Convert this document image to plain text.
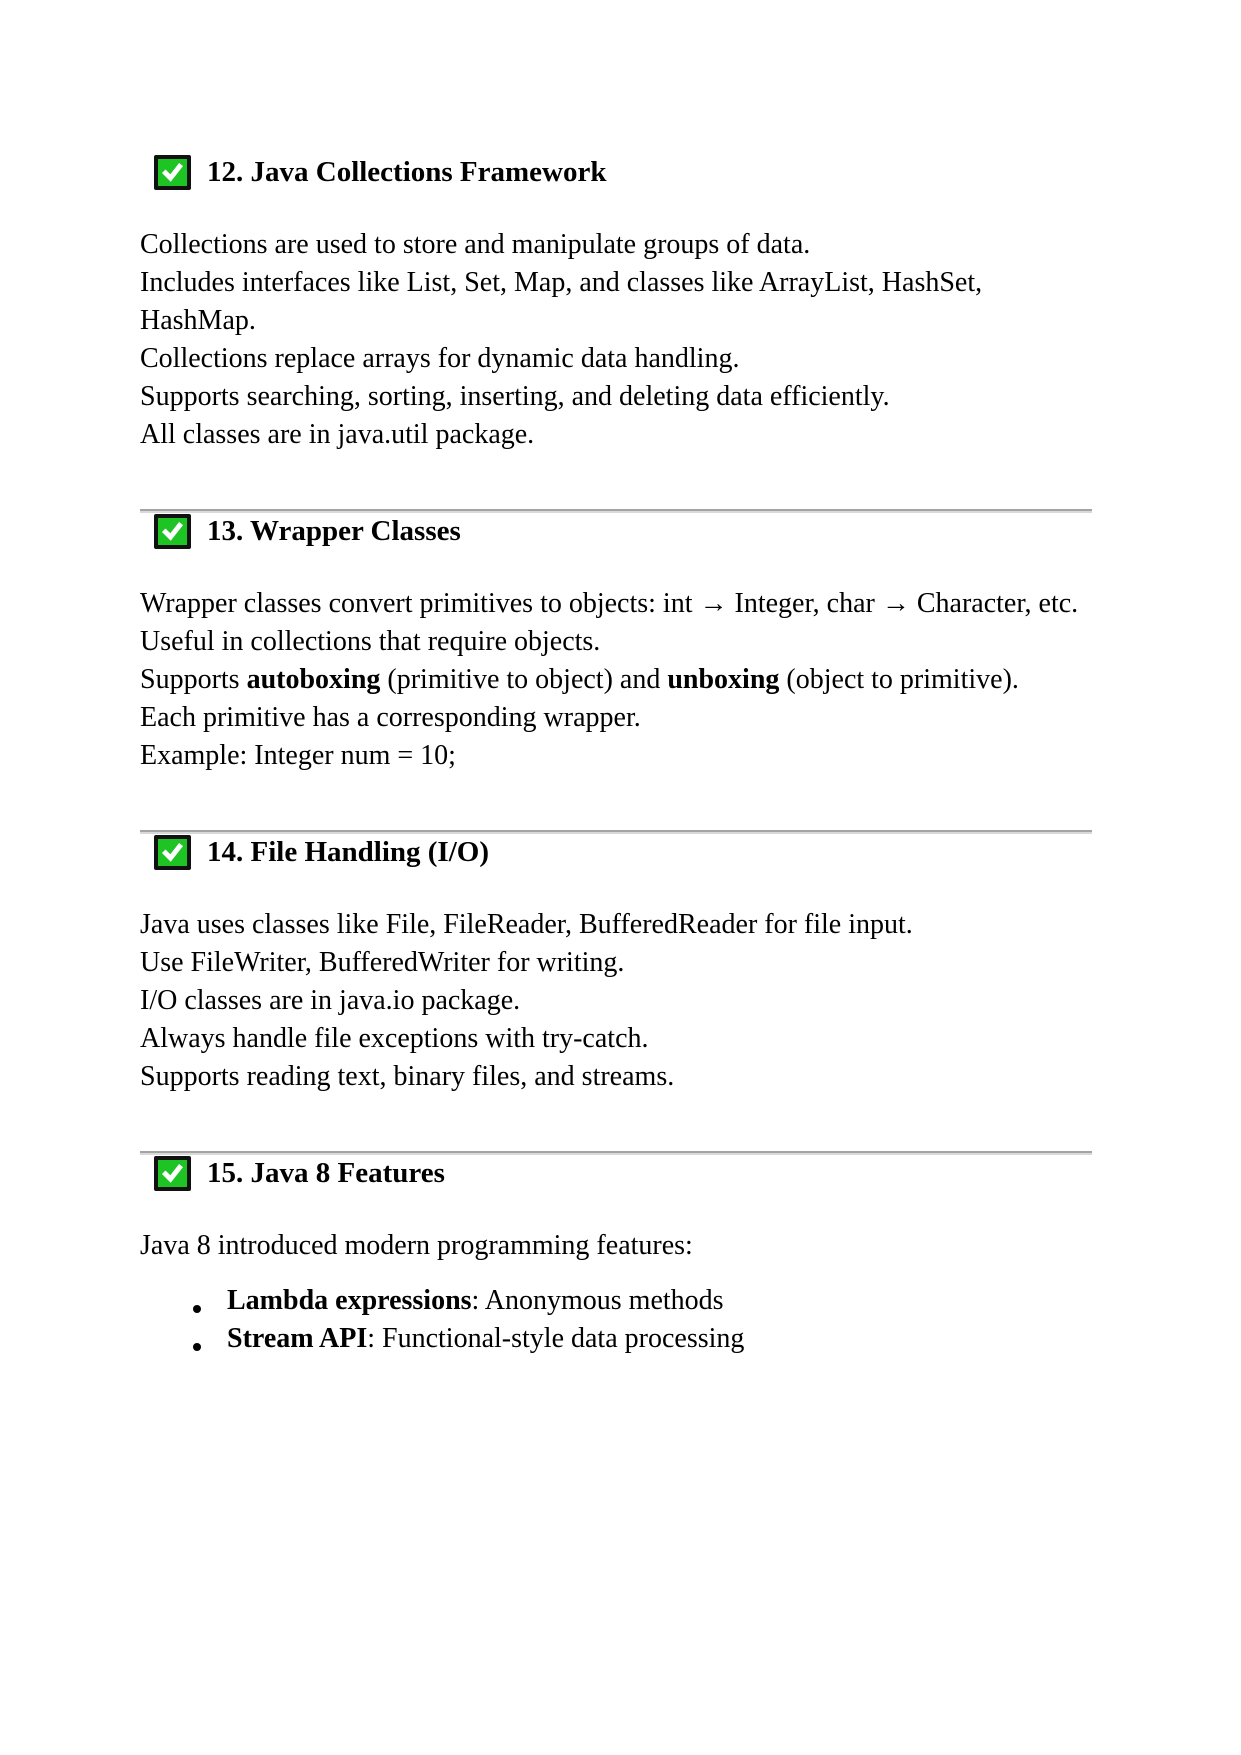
12. Java Collections Framework
Collections are used to store and manipulate groups of data.
Includes interfaces like List, Set, Map, and classes like ArrayList, HashSet, HashMap.
Collections replace arrays for dynamic data handling.
Supports searching, sorting, inserting, and deleting data efficiently.
All classes are in java.util package.
13. Wrapper Classes
Wrapper classes convert primitives to objects: int → Integer, char → Character, etc.
Useful in collections that require objects.
Supports autoboxing (primitive to object) and unboxing (object to primitive).
Each primitive has a corresponding wrapper.
Example: Integer num = 10;
14. File Handling (I/O)
Java uses classes like File, FileReader, BufferedReader for file input.
Use FileWriter, BufferedWriter for writing.
I/O classes are in java.io package.
Always handle file exceptions with try-catch.
Supports reading text, binary files, and streams.
15. Java 8 Features
Java 8 introduced modern programming features:
Lambda expressions: Anonymous methods
Stream API: Functional-style data processing
